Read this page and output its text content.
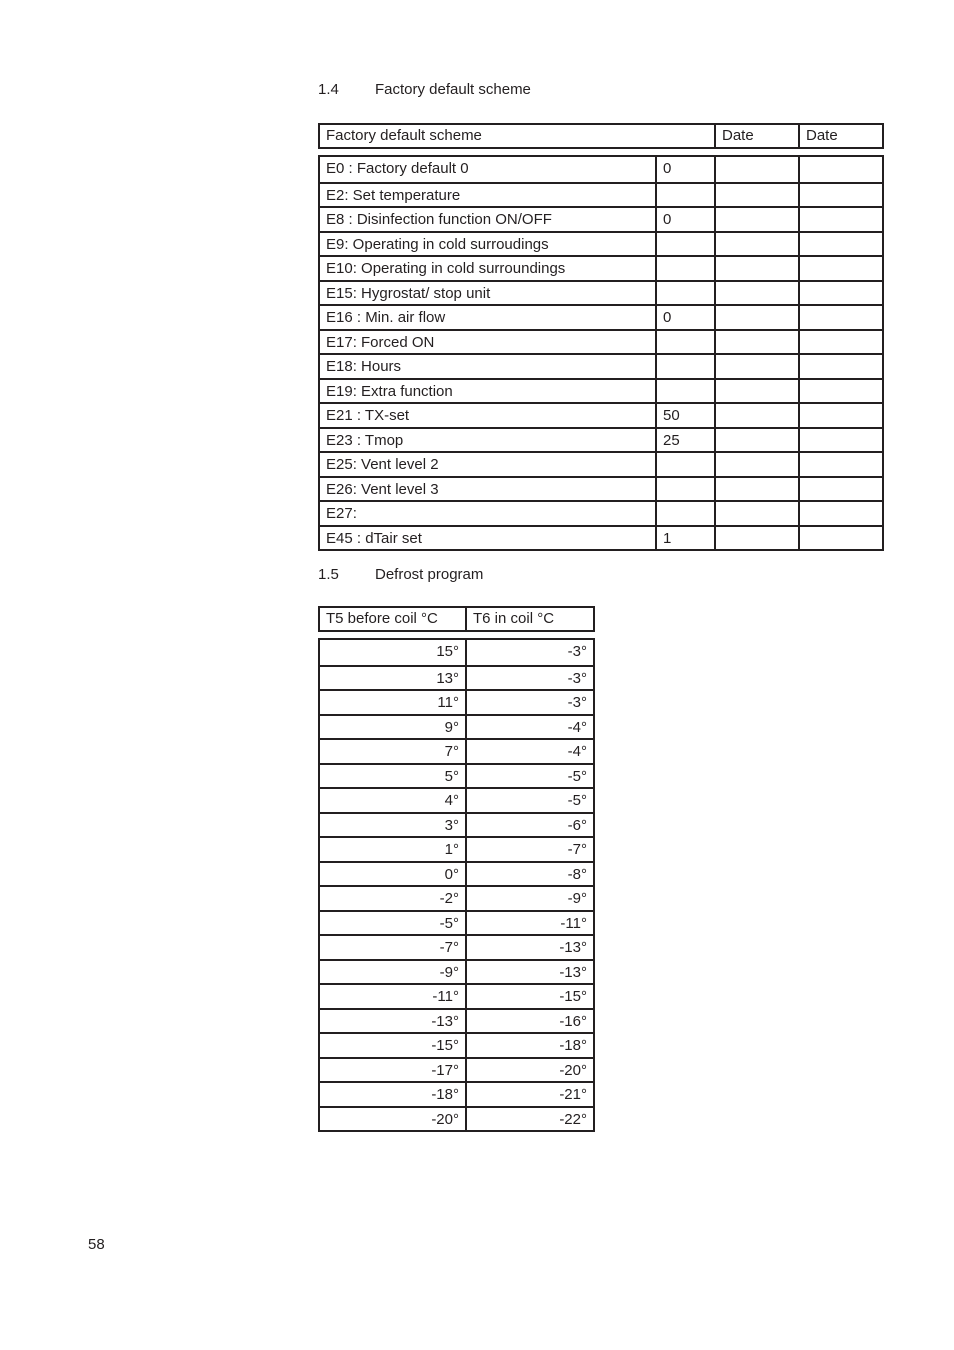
1.4 Factory default scheme
Factory default scheme	Date	Date
E0 : Factory default 0	0
E2: Set temperature
E8 : Disinfection function ON/OFF	0
E9: Operating in cold surroudings
E10: Operating in cold surroundings
E15: Hygrostat/ stop unit
E16 : Min. air flow	0
E17: Forced ON
E18: Hours
E19: Extra function
E21 : TX-set	50
E23 : Tmop	25
E25: Vent level 2
E26: Vent level 3
E27:
E45 : dTair set	1
1.5 Defrost program
T5 before coil °C	T6 in coil °C
15°	-3°
13°	-3°
11°	-3°
9°	-4°
7°	-4°
5°	-5°
4°	-5°
3°	-6°
1°	-7°
0°	-8°
-2°	-9°
-5°	-11°
-7°	-13°
-9°	-13°
-11°	-15°
-13°	-16°
-15°	-18°
-17°	-20°
-18°	-21°
-20°	-22°
58
